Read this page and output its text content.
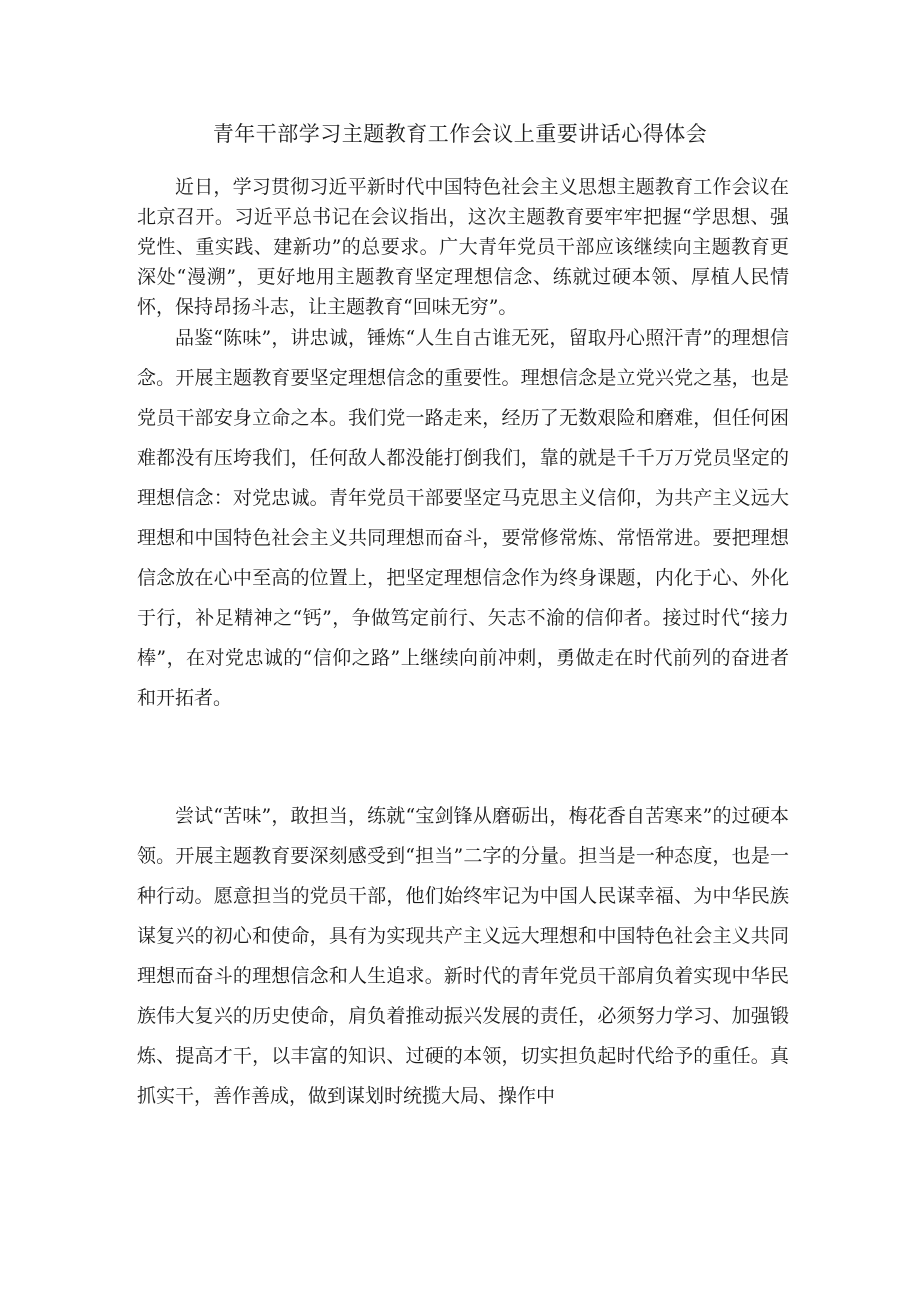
青年干部学习主题教育工作会议上重要讲话心得体会

近日，学习贯彻习近平新时代中国特色社会主义思想主题教育工作会议在北京召开。习近平总书记在会议指出，这次主题教育要牢牢把握“学思想、强党性、重实践、建新功”的总要求。广大青年党员干部应该继续向主题教育更深处“漫溯”，更好地用主题教育坚定理想信念、练就过硬本领、厚植人民情怀，保持昂扬斗志，让主题教育“回味无穷”。

品鉴“陈味”，讲忠诚，锤炼“人生自古谁无死，留取丹心照汗青”的理想信念。开展主题教育要坚定理想信念的重要性。理想信念是立党兴党之基，也是党员干部安身立命之本。我们党一路走来，经历了无数艰险和磨难，但任何困难都没有压垮我们，任何敌人都没能打倒我们，靠的就是千千万万党员坚定的理想信念：对党忠诚。青年党员干部要坚定马克思主义信仰，为共产主义远大理想和中国特色社会主义共同理想而奋斗，要常修常炼、常悟常进。要把理想信念放在心中至高的位置上，把坚定理想信念作为终身课题，内化于心、外化于行，补足精神之“钙”，争做笃定前行、矢志不渝的信仰者。接过时代“接力棒”，在对党忠诚的“信仰之路”上继续向前冲刺，勇做走在时代前列的奋进者和开拓者。

尝试“苦味”，敢担当，练就“宝剑锋从磨砺出，梅花香自苦寒来”的过硬本领。开展主题教育要深刻感受到“担当”二字的分量。担当是一种态度，也是一种行动。愿意担当的党员干部，他们始终牢记为中国人民谋幸福、为中华民族谋复兴的初心和使命，具有为实现共产主义远大理想和中国特色社会主义共同理想而奋斗的理想信念和人生追求。新时代的青年党员干部肩负着实现中华民族伟大复兴的历史使命，肩负着推动振兴发展的责任，必须努力学习、加强锻炼、提高才干，以丰富的知识、过硬的本领，切实担负起时代给予的重任。真抓实干，善作善成，做到谋划时统揽大局、操作中
